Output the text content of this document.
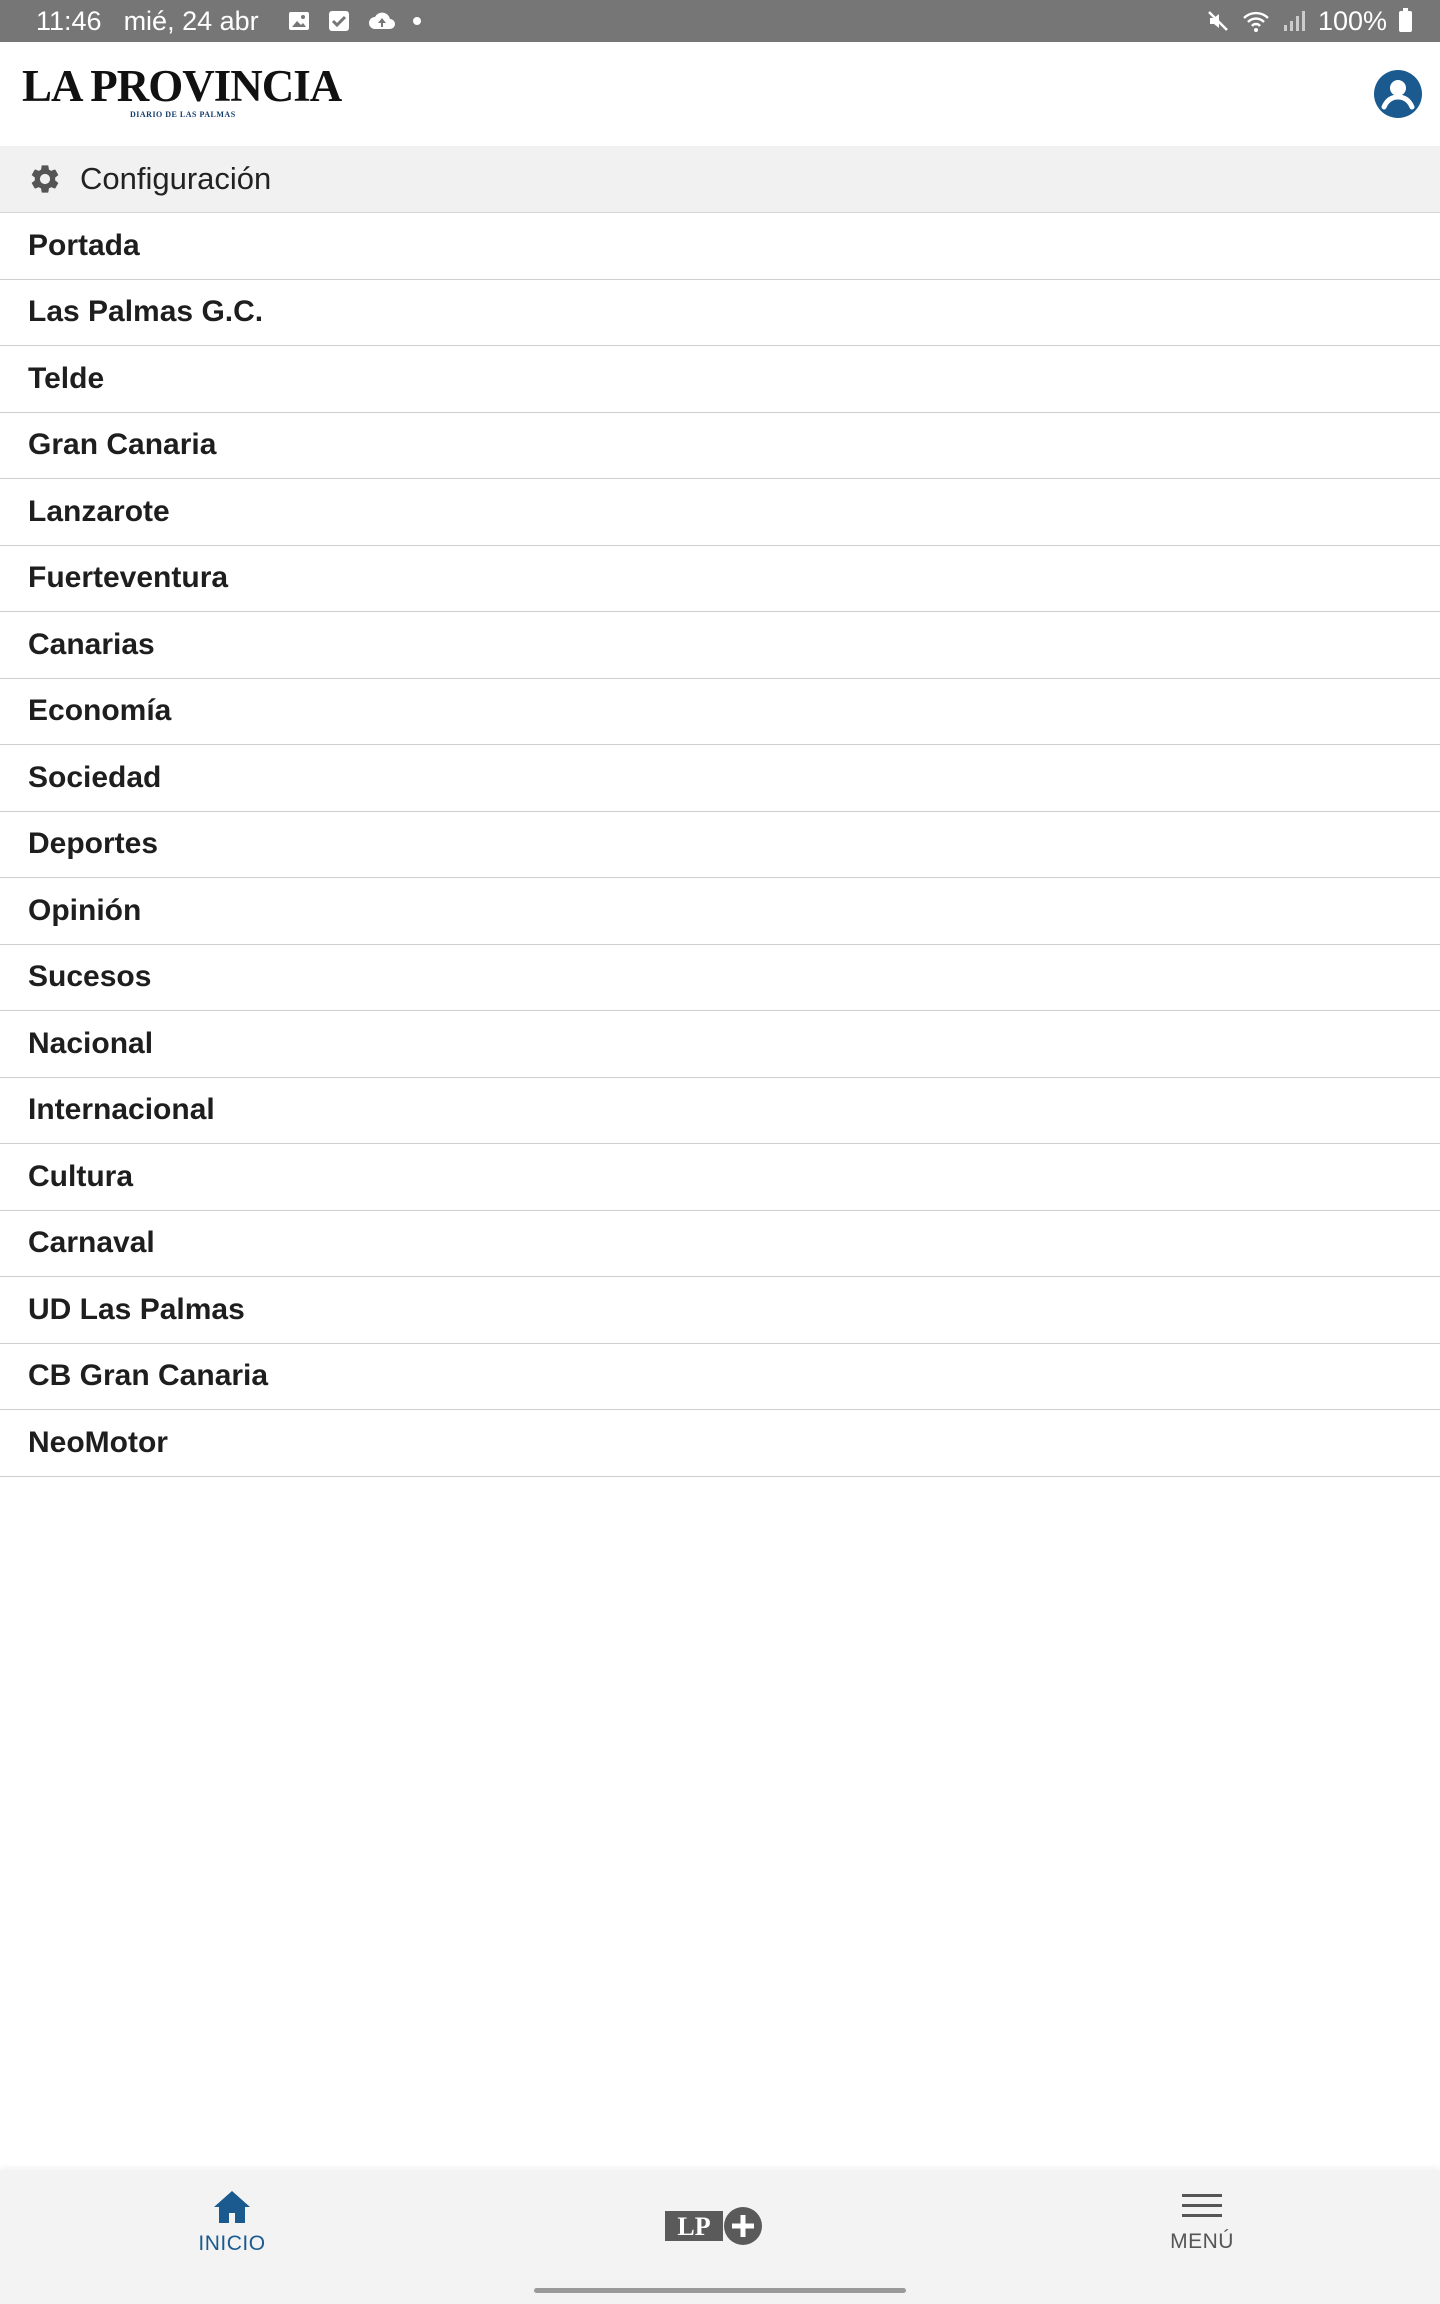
11:46 mié, 24 abr	100%
LA PROVINCIA
DIARIO DE LAS PALMAS
Configuración
Portada
Las Palmas G.C.
Telde
Gran Canaria
Lanzarote
Fuerteventura
Canarias
Economía
Sociedad
Deportes
Opinión
Sucesos
Nacional
Internacional
Cultura
Carnaval
UD Las Palmas
CB Gran Canaria
NeoMotor
INICIO
LP
MENÚ
